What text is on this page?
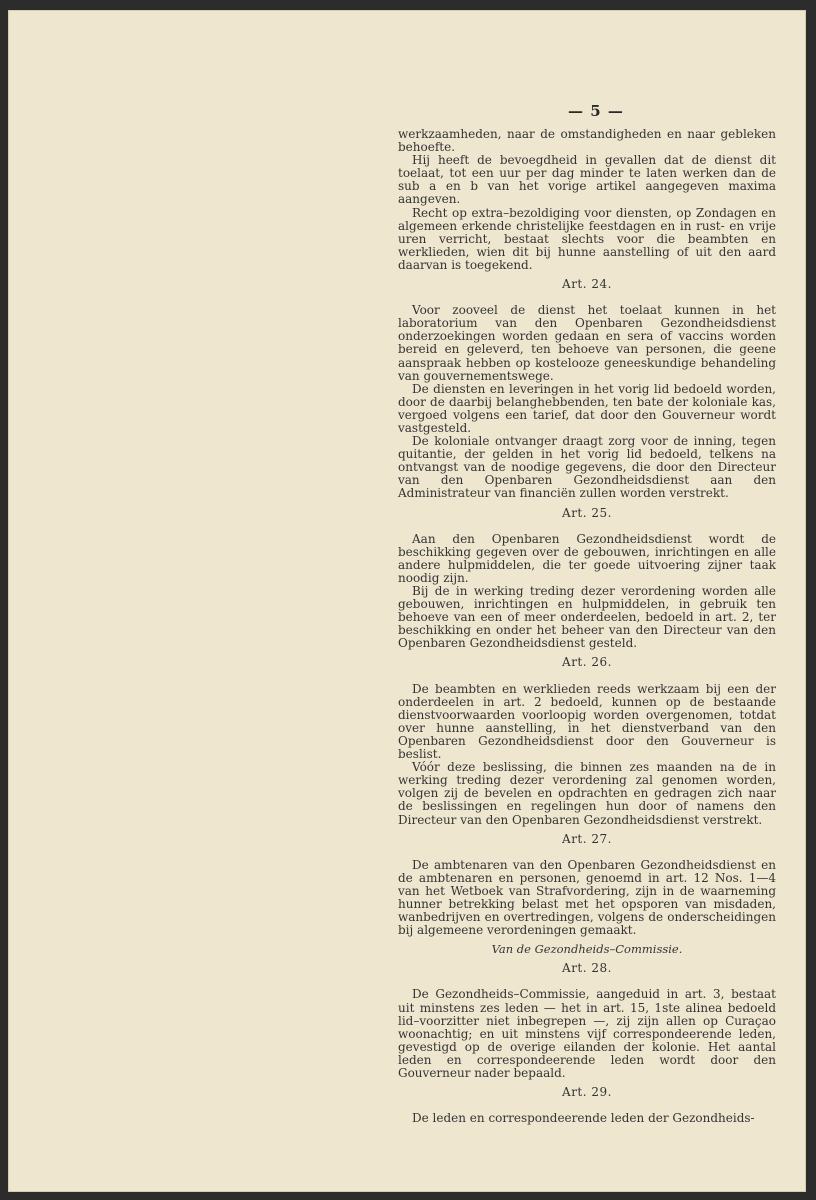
— 5 —

werkzaamheden, naar de omstandigheden en naar gebleken behoefte.

Hij heeft de bevoegdheid in gevallen dat de dienst dit toelaat, tot een uur per dag minder te laten werken dan de sub a en b van het vorige artikel aangegeven maxima aangeven.

Recht op extra–bezoldiging voor diensten, op Zondagen en algemeen erkende christelijke feestdagen en in rust- en vrije uren verricht, bestaat slechts voor die beambten en werklieden, wien dit bij hunne aanstelling of uit den aard daarvan is toegekend.

Art. 24.

Voor zooveel de dienst het toelaat kunnen in het laboratorium van den Openbaren Gezondheidsdienst onderzoekingen worden gedaan en sera of vaccins worden bereid en geleverd, ten behoeve van personen, die geene aanspraak hebben op kostelooze geneeskundige behandeling van gouvernementswege.

De diensten en leveringen in het vorig lid bedoeld worden, door de daarbij belanghebbenden, ten bate der koloniale kas, vergoed volgens een tarief, dat door den Gouverneur wordt vastgesteld.

De koloniale ontvanger draagt zorg voor de inning, tegen quitantie, der gelden in het vorig lid bedoeld, telkens na ontvangst van de noodige gegevens, die door den Directeur van den Openbaren Gezondheidsdienst aan den Administrateur van financiën zullen worden verstrekt.

Art. 25.

Aan den Openbaren Gezondheidsdienst wordt de beschikking gegeven over de gebouwen, inrichtingen en alle andere hulpmiddelen, die ter goede uitvoering zijner taak noodig zijn.

Bij de in werking treding dezer verordening worden alle gebouwen, inrichtingen en hulpmiddelen, in gebruik ten behoeve van een of meer onderdeelen, bedoeld in art. 2, ter beschikking en onder het beheer van den Directeur van den Openbaren Gezondheidsdienst gesteld.

Art. 26.

De beambten en werklieden reeds werkzaam bij een der onderdeelen in art. 2 bedoeld, kunnen op de bestaande dienstvoorwaarden voorloopig worden overgenomen, totdat over hunne aanstelling, in het dienstverband van den Openbaren Gezondheidsdienst door den Gouverneur is beslist.

Vóór deze beslissing, die binnen zes maanden na de in werking treding dezer verordening zal genomen worden, volgen zij de bevelen en opdrachten en gedragen zich naar de beslissingen en regelingen hun door of namens den Directeur van den Openbaren Gezondheidsdienst verstrekt.

Art. 27.

De ambtenaren van den Openbaren Gezondheidsdienst en de ambtenaren en personen, genoemd in art. 12 Nos. 1—4 van het Wetboek van Strafvordering, zijn in de waarneming hunner betrekking belast met het opsporen van misdaden, wanbedrijven en overtredingen, volgens de onderscheidingen bij algemeene verordeningen gemaakt.

Van de Gezondheids–Commissie.
Art. 28.

De Gezondheids–Commissie, aangeduid in art. 3, bestaat uit minstens zes leden — het in art. 15, 1ste alinea bedoeld lid–voorzitter niet inbegrepen —, zij zijn allen op Curaçao woonachtig; en uit minstens vijf correspondeerende leden, gevestigd op de overige eilanden der kolonie. Het aantal leden en correspondeerende leden wordt door den Gouverneur nader bepaald.

Art. 29.

De leden en correspondeerende leden der Gezondheids-
